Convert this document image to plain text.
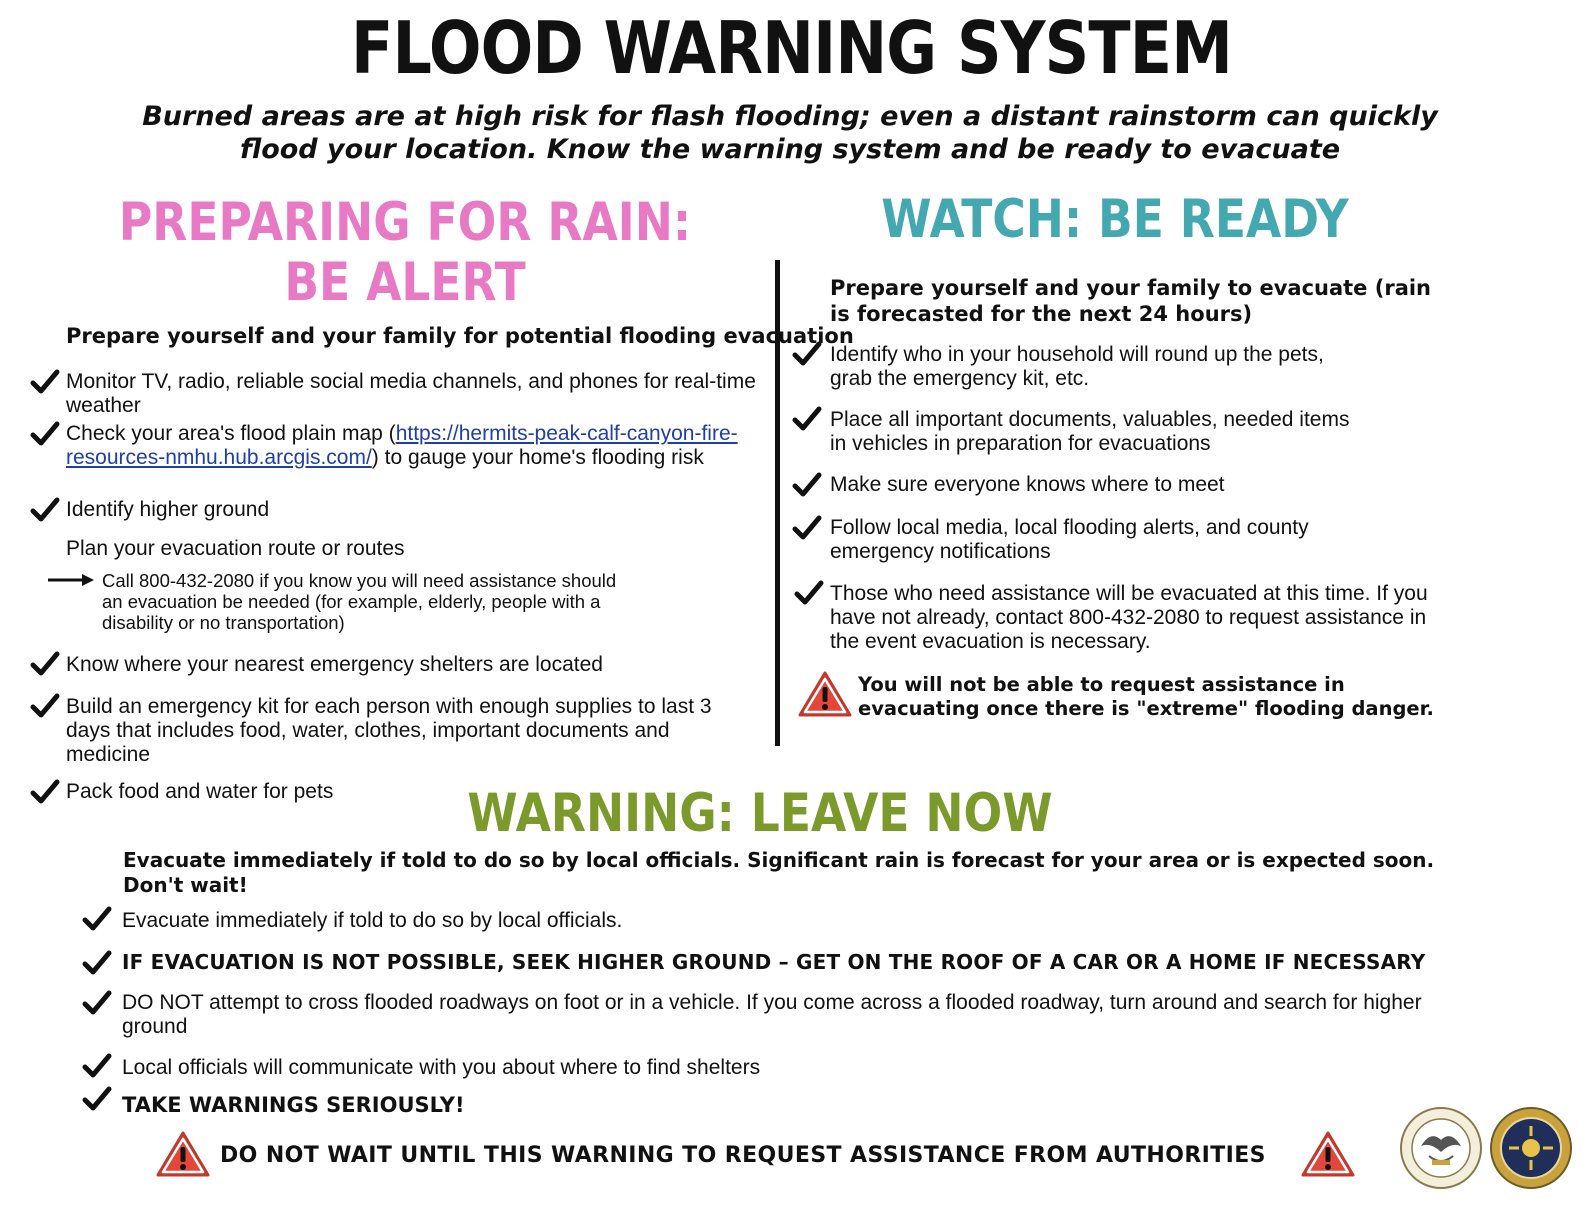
FLOOD WARNING SYSTEM
Burned areas are at high risk for flash flooding; even a distant rainstorm can quickly flood your location. Know the warning system and be ready to evacuate
PREPARING FOR RAIN:
BE ALERT
WATCH: BE READY
Prepare yourself and your family for potential flooding evacuation
Monitor TV, radio, reliable social media channels, and phones for real-time weather
Check your area's flood plain map (https://hermits-peak-calf-canyon-fire-resources-nmhu.hub.arcgis.com/) to gauge your home's flooding risk
Identify higher ground
Plan your evacuation route or routes
Call 800-432-2080 if you know you will need assistance should an evacuation be needed (for example, elderly, people with a disability or no transportation)
Know where your nearest emergency shelters are located
Build an emergency kit for each person with enough supplies to last 3 days that includes food, water, clothes, important documents and medicine
Pack food and water for pets
Prepare yourself and your family to evacuate (rain is forecasted for the next 24 hours)
Identify who in your household will round up the pets, grab the emergency kit, etc.
Place all important documents, valuables, needed items in vehicles in preparation for evacuations
Make sure everyone knows where to meet
Follow local media, local flooding alerts, and county emergency notifications
Those who need assistance will be evacuated at this time. If you have not already, contact 800-432-2080 to request assistance in the event evacuation is necessary.
You will not be able to request assistance in evacuating once there is "extreme" flooding danger.
WARNING: LEAVE NOW
Evacuate immediately if told to do so by local officials. Significant rain is forecast for your area or is expected soon. Don't wait!
Evacuate immediately if told to do so by local officials.
IF EVACUATION IS NOT POSSIBLE, SEEK HIGHER GROUND – GET ON THE ROOF OF A CAR OR A HOME IF NECESSARY
DO NOT attempt to cross flooded roadways on foot or in a vehicle. If you come across a flooded roadway, turn around and search for higher ground
Local officials will communicate with you about where to find shelters
TAKE WARNINGS SERIOUSLY!
DO NOT WAIT UNTIL THIS WARNING TO REQUEST ASSISTANCE FROM AUTHORITIES
